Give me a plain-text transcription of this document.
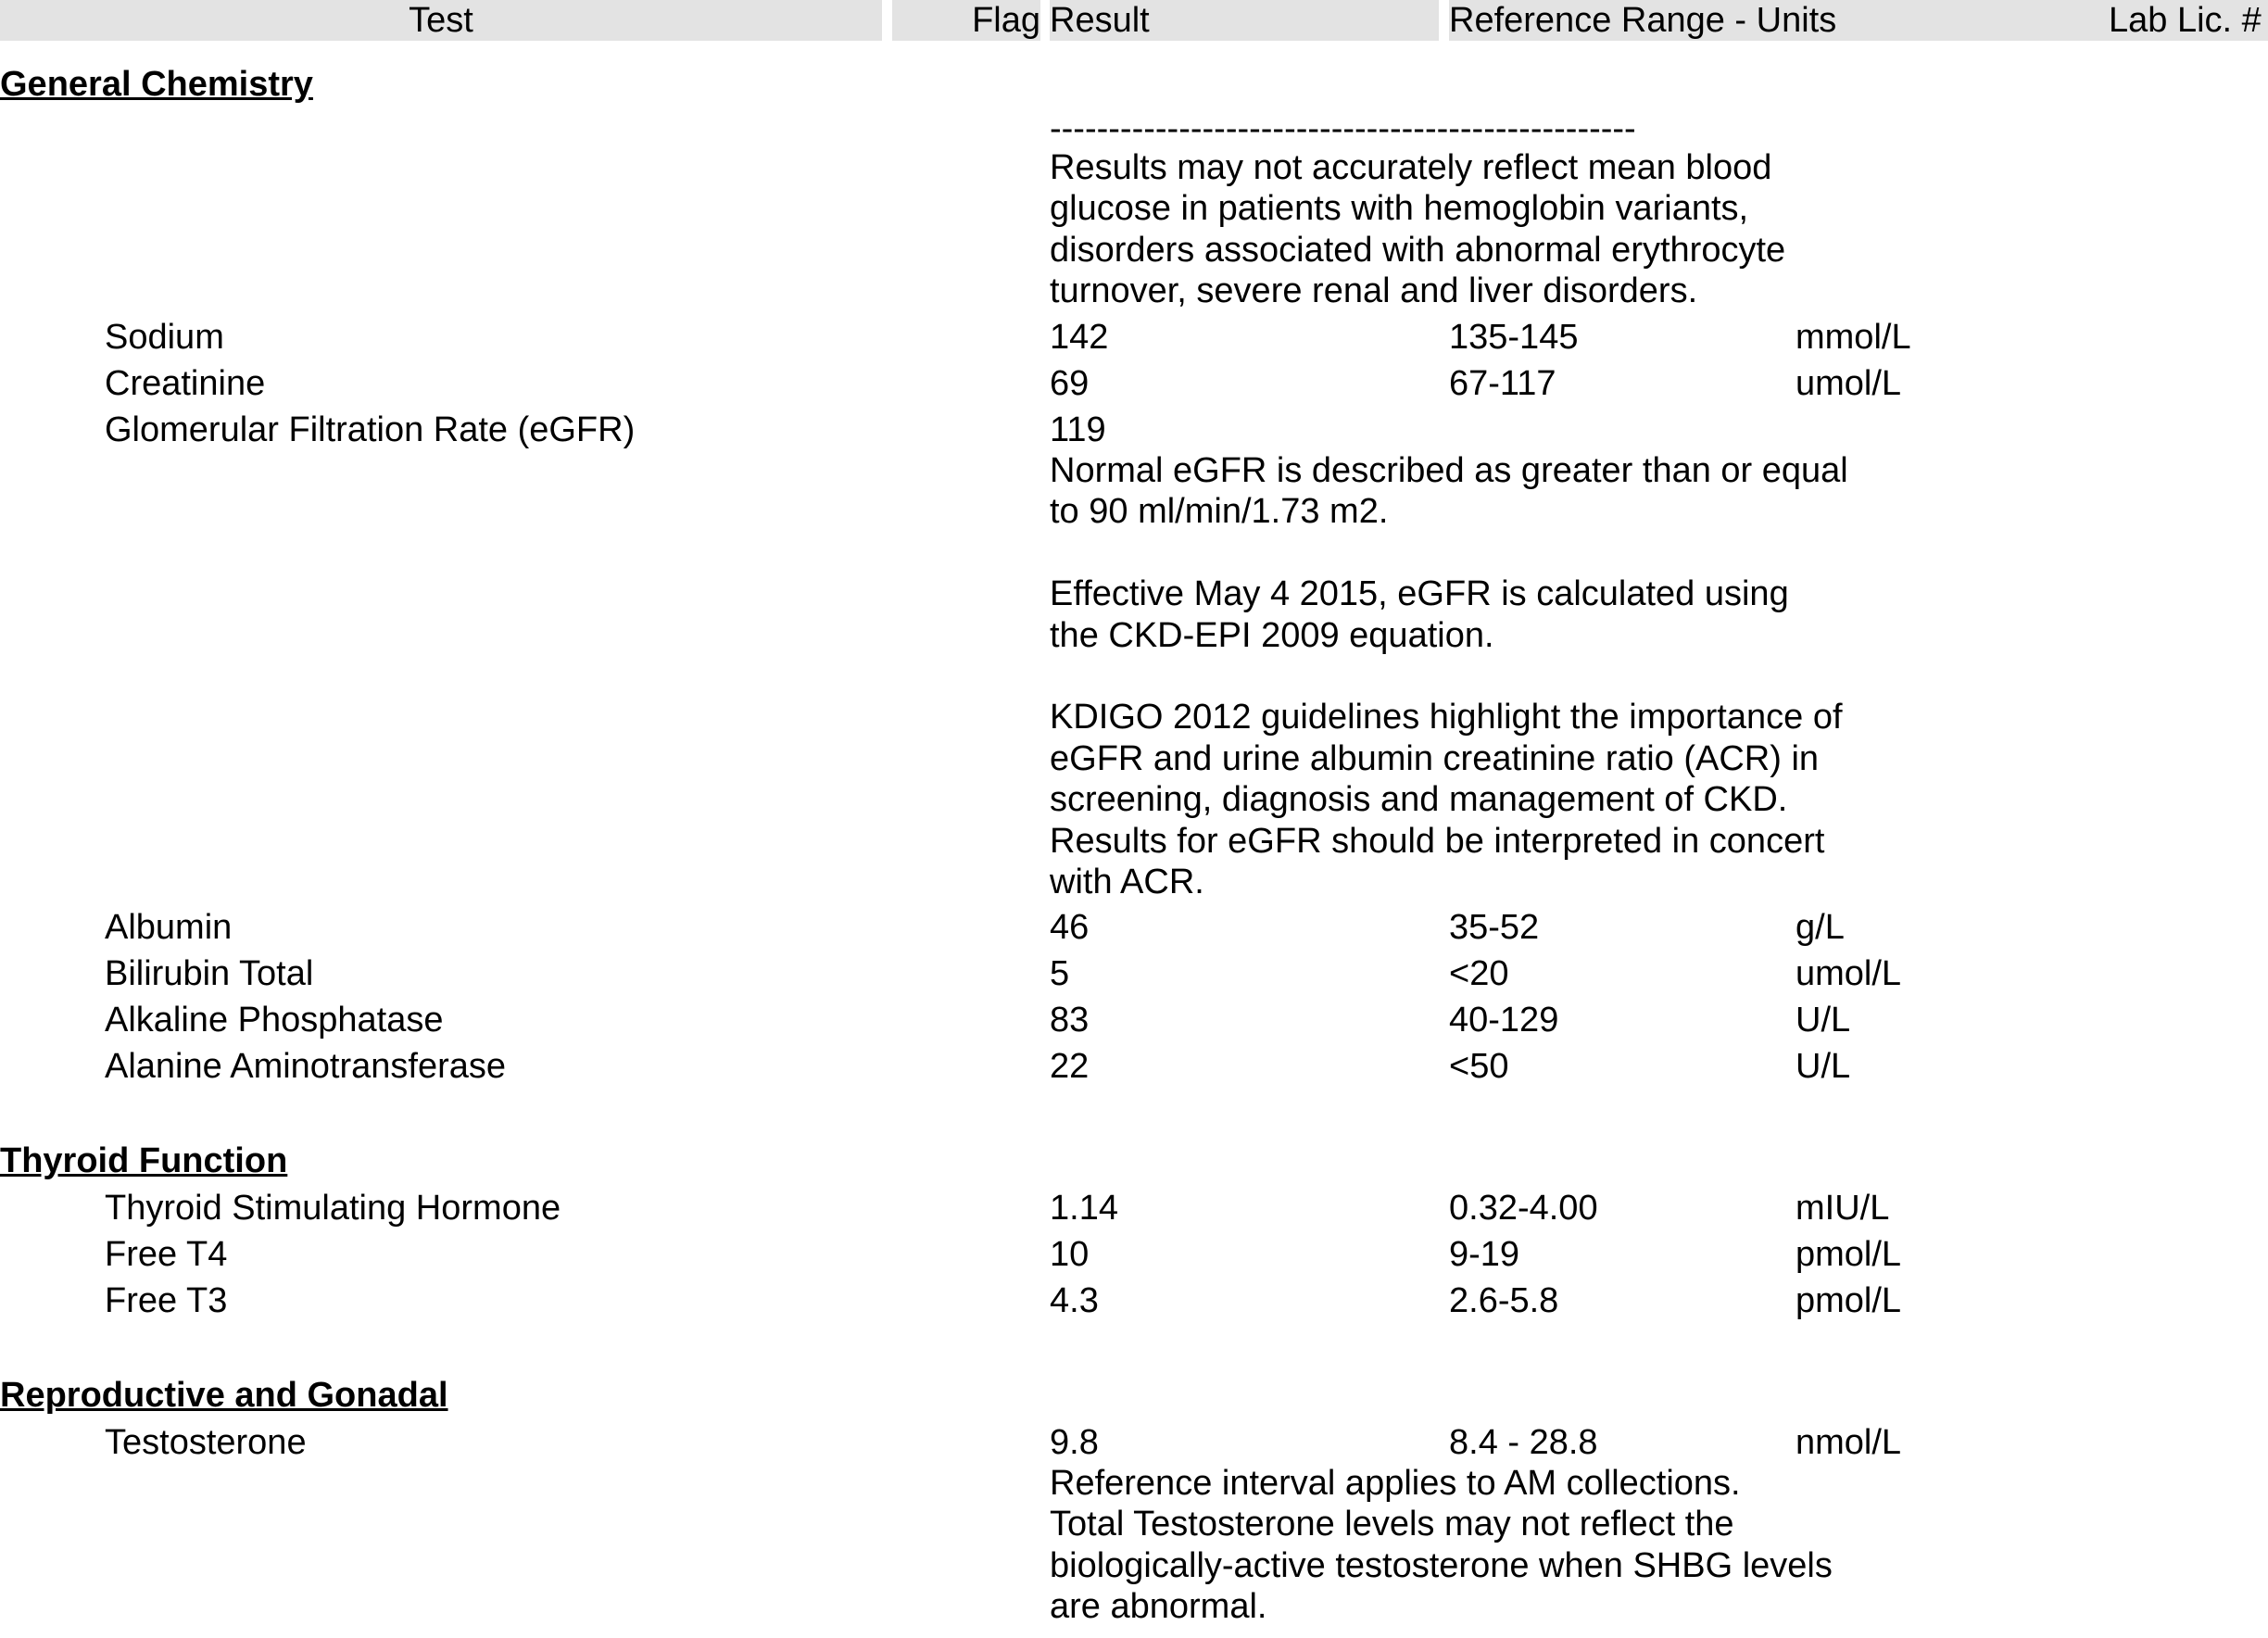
Test	Flag Result	Reference Range - Units	Lab Lic. #
General Chemistry
--------------------------------------------------
Results may not accurately reflect mean blood
glucose in patients with hemoglobin variants,
disorders associated with abnormal erythrocyte
turnover, severe renal and liver disorders.
Sodium	142	135-145	mmol/L
Creatinine	69	67-117	umol/L
Glomerular Filtration Rate (eGFR)	119
Normal eGFR is described as greater than or equal
to 90 ml/min/1.73 m2.

Effective May 4 2015, eGFR is calculated using
the CKD-EPI 2009 equation.

KDIGO 2012 guidelines highlight the importance of
eGFR and urine albumin creatinine ratio (ACR) in
screening, diagnosis and management of CKD.
Results for eGFR should be interpreted in concert
with ACR.
Albumin	46	35-52	g/L
Bilirubin Total	5	<20	umol/L
Alkaline Phosphatase	83	40-129	U/L
Alanine Aminotransferase	22	<50	U/L
Thyroid Function
Thyroid Stimulating Hormone	1.14	0.32-4.00	mIU/L
Free T4	10	9-19	pmol/L
Free T3	4.3	2.6-5.8	pmol/L
Reproductive and Gonadal
Testosterone	9.8	8.4 - 28.8	nmol/L
Reference interval applies to AM collections.
Total Testosterone levels may not reflect the
biologically-active testosterone when SHBG levels
are abnormal.
